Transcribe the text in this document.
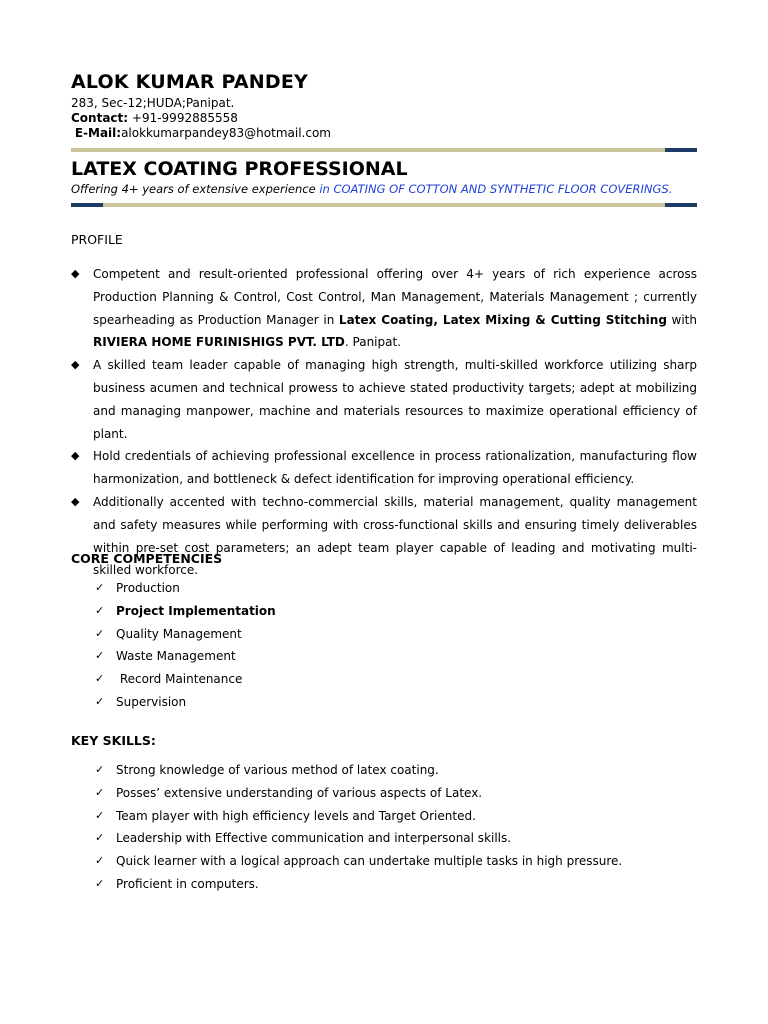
ALOK KUMAR PANDEY
283, Sec-12;HUDA;Panipat.
Contact: +91-9992885558
E-Mail:alokkumarpandey83@hotmail.com
LATEX COATING PROFESSIONAL
Offering 4+ years of extensive experience in COATING OF COTTON AND SYNTHETIC FLOOR COVERINGS.
PROFILE
◆ Competent and result-oriented professional offering over 4+ years of rich experience across Production Planning & Control, Cost Control, Man Management, Materials Management ; currently spearheading as Production Manager in Latex Coating, Latex Mixing & Cutting Stitching with RIVIERA HOME FURINISHIGS PVT. LTD. Panipat.
◆ A skilled team leader capable of managing high strength, multi-skilled workforce utilizing sharp business acumen and technical prowess to achieve stated productivity targets; adept at mobilizing and managing manpower, machine and materials resources to maximize operational efficiency of plant.
◆ Hold credentials of achieving professional excellence in process rationalization, manufacturing flow harmonization, and bottleneck & defect identification for improving operational efficiency.
◆ Additionally accented with techno-commercial skills, material management, quality management and safety measures while performing with cross-functional skills and ensuring timely deliverables within pre-set cost parameters; an adept team player capable of leading and motivating multi-skilled workforce.
CORE COMPETENCIES
✓ Production
✓ Project Implementation
✓ Quality Management
✓ Waste Management
✓ Record Maintenance
✓ Supervision
KEY SKILLS:
✓ Strong knowledge of various method of latex coating.
✓ Posses’ extensive understanding of various aspects of Latex.
✓ Team player with high efficiency levels and Target Oriented.
✓ Leadership with Effective communication and interpersonal skills.
✓ Quick learner with a logical approach can undertake multiple tasks in high pressure.
✓ Proficient in computers.
